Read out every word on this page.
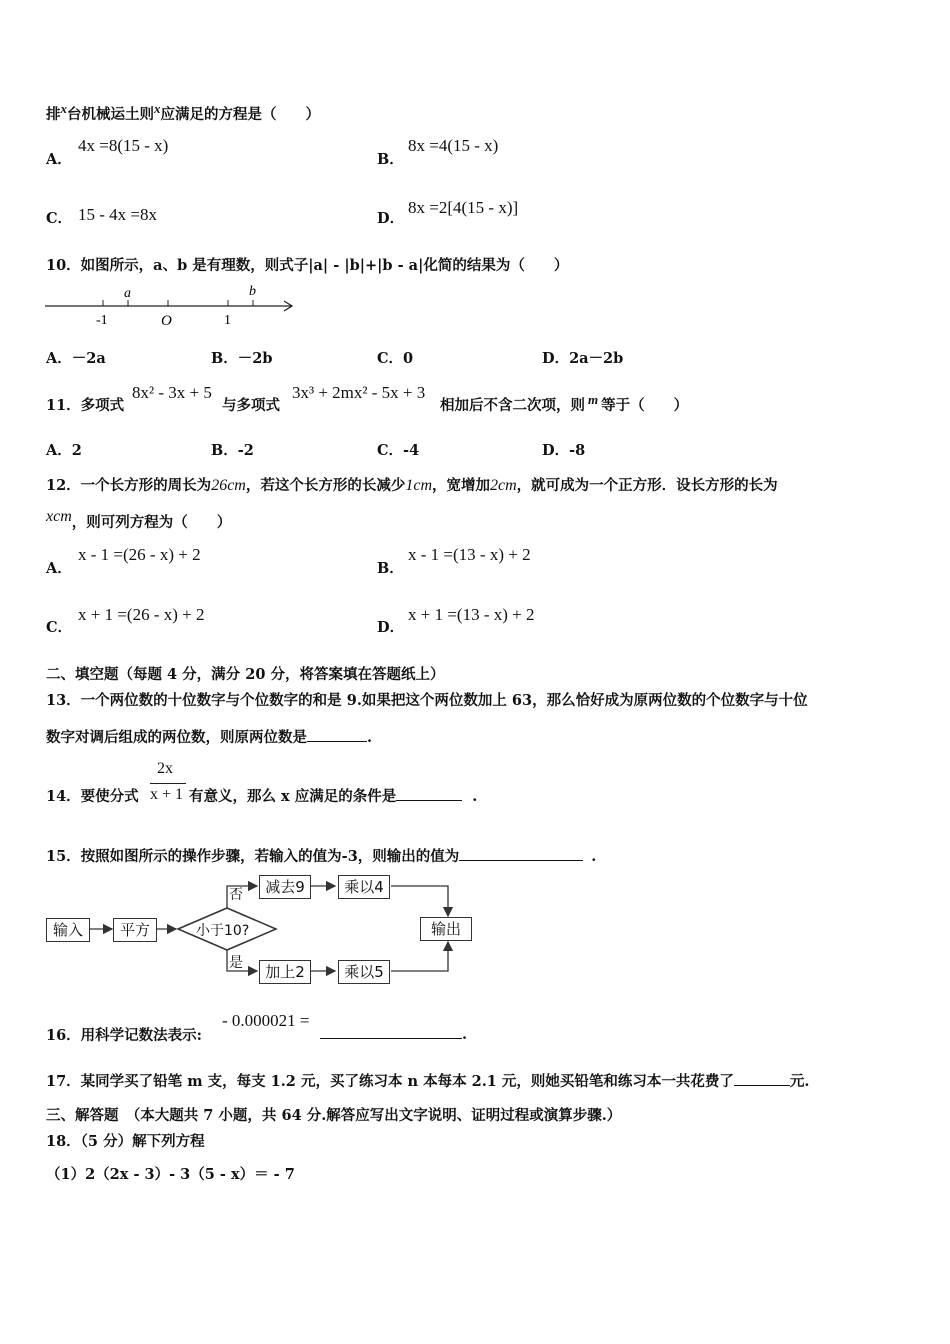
排x台机械运土则x应满足的方程是（　　）
A．
4x =8(15 - x)
B．
8x =4(15 - x)
C． 15 - 4x =8x	D．
8x =2[4(15 - x)]
10．如图所示，a、b 是有理数，则式子|a| - |b|+|b - a|化简的结果为（　　）
-1	O	1
a	b
A．－2a	B．－2b	C．0	D．2a－2b
11．多项式
8x² - 3x + 5
与多项式
3x³ + 2mx² - 5x + 3
相加后不含二次项，则 m 等于（　　）
A．2	B．-2	C．-4	D．-8
12．一个长方形的周长为26cm，若这个长方形的长减少1cm，宽增加2cm，就可成为一个正方形．设长方形的长为
xcm，则可列方程为（　　）
A．
x - 1 =(26 - x) + 2
B．
x - 1 =(13 - x) + 2
C．
x + 1 =(26 - x) + 2
D．
x + 1 =(13 - x) + 2
二、填空题（每题 4 分，满分 20 分，将答案填在答题纸上）
13．一个两位数的十位数字与个位数字的和是 9.如果把这个两位数加上 63，那么恰好成为原两位数的个位数字与十位
数字对调后组成的两位数，则原两位数是	.
14．要使分式
2x
x + 1 有意义，那么 x 应满足的条件是	.
15．按照如图所示的操作步骤，若输入的值为-3，则输出的值为	.
输入	平方	小于10?
否
是
减去9	乘以4
加上2	乘以5
输出
16．用科学记数法表示:
- 0.000021 =
.
17．某同学买了铅笔 m 支，每支 1.2 元，买了练习本 n 本每本 2.1 元，则她买铅笔和练习本一共花费了	元.
三、解答题　（本大题共 7 小题，共 64 分.解答应写出文字说明、证明过程或演算步骤.）
18．（5 分）解下列方程
（1）2（2x - 3）- 3（5 - x）＝ - 7
